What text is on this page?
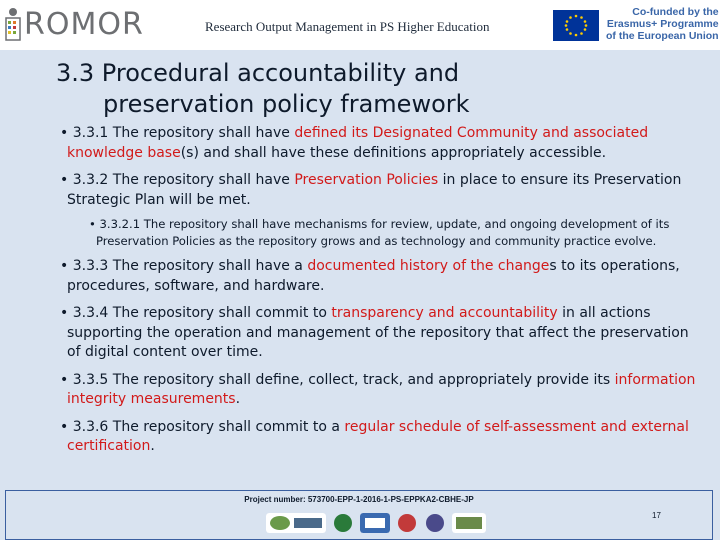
ROMOR	Research Output Management in PS Higher Education
Co-funded by the
Erasmus+ Programme
of the European Union
3.3 Procedural accountability and
preservation policy framework

• 3.3.1 The repository shall have defined its Designated Community and associated knowledge base(s) and shall have these definitions appropriately accessible.

• 3.3.2 The repository shall have Preservation Policies in place to ensure its Preservation Strategic Plan will be met.

• 3.3.2.1 The repository shall have mechanisms for review, update, and ongoing development of its Preservation Policies as the repository grows and as technology and community practice evolve.

• 3.3.3 The repository shall have a documented history of the changes to its operations, procedures, software, and hardware.

• 3.3.4 The repository shall commit to transparency and accountability in all actions supporting the operation and management of the repository that affect the preservation of digital content over time.

• 3.3.5 The repository shall define, collect, track, and appropriately provide its information integrity measurements.

• 3.3.6 The repository shall commit to a regular schedule of self-assessment and external certification.

Project number: 573700-EPP-1-2016-1-PS-EPPKA2-CBHE-JP
17
